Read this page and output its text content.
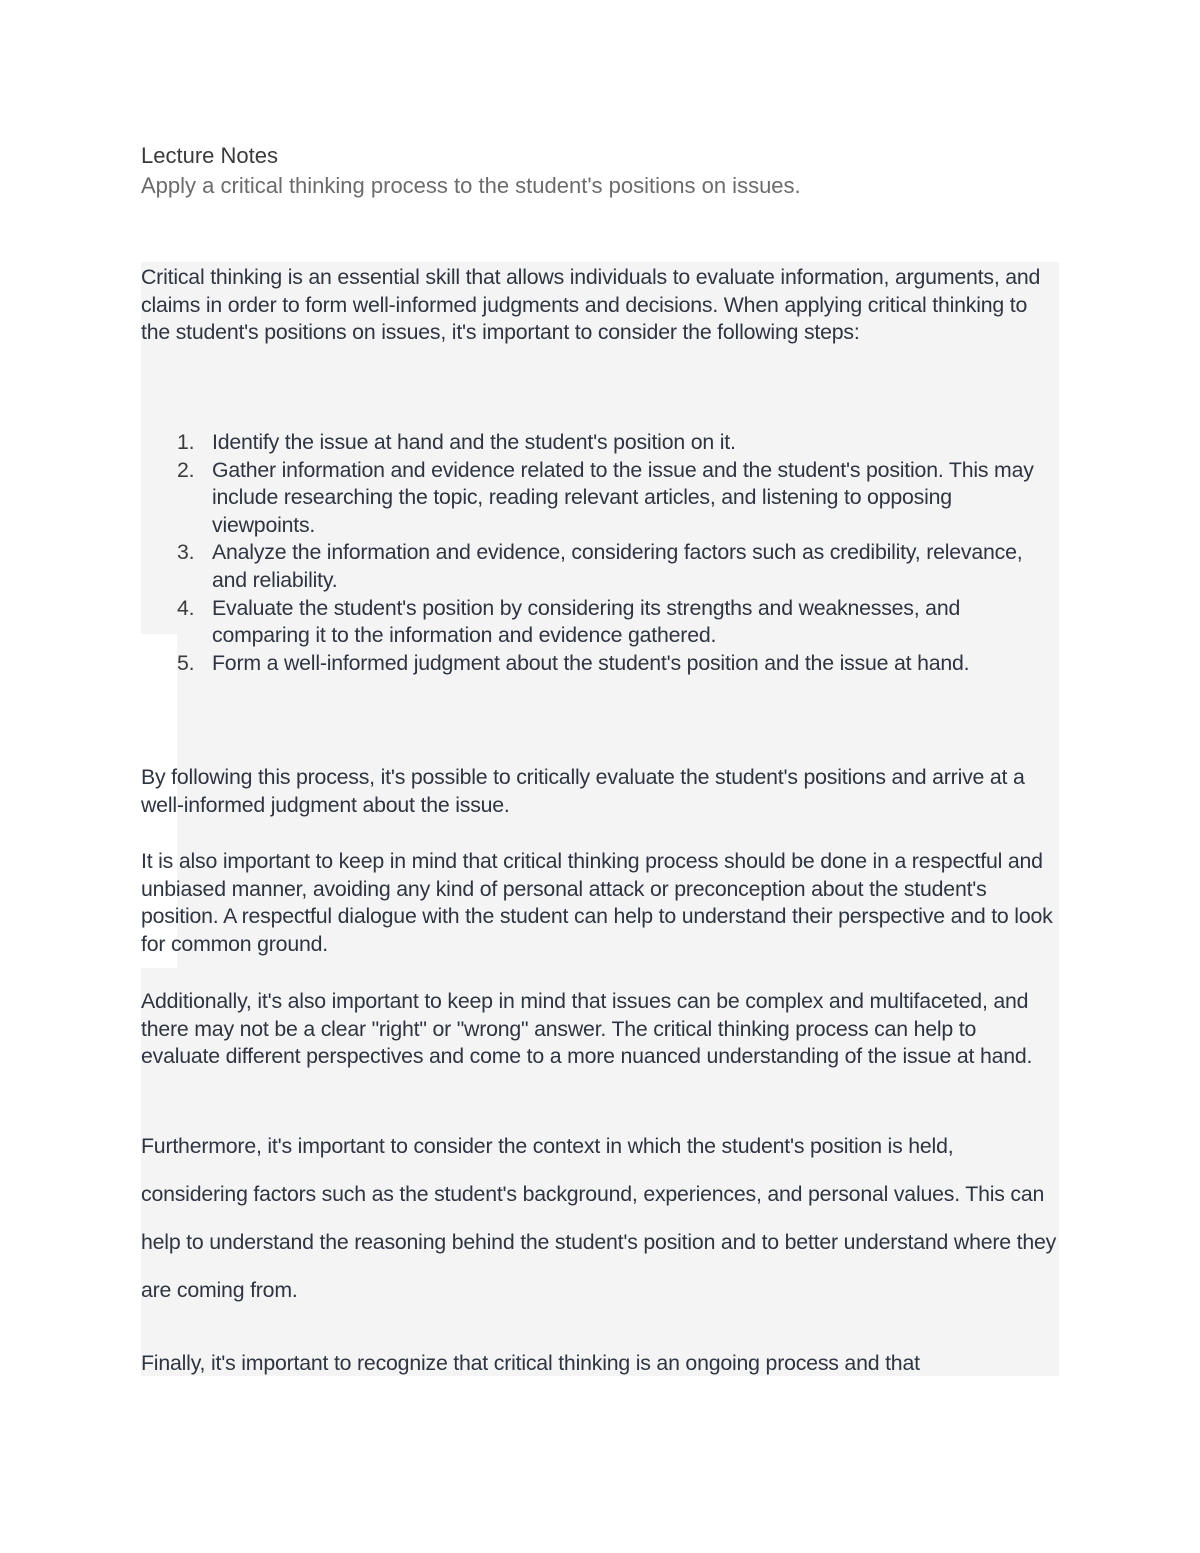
Lecture Notes

Apply a critical thinking process to the student's positions on issues.

Critical thinking is an essential skill that allows individuals to evaluate information, arguments, and claims in order to form well-informed judgments and decisions. When applying critical thinking to the student's positions on issues, it's important to consider the following steps:

1. Identify the issue at hand and the student's position on it.
2. Gather information and evidence related to the issue and the student's position. This may include researching the topic, reading relevant articles, and listening to opposing viewpoints.
3. Analyze the information and evidence, considering factors such as credibility, relevance, and reliability.
4. Evaluate the student's position by considering its strengths and weaknesses, and comparing it to the information and evidence gathered.
5. Form a well-informed judgment about the student's position and the issue at hand.

By following this process, it's possible to critically evaluate the student's positions and arrive at a well-informed judgment about the issue.

It is also important to keep in mind that critical thinking process should be done in a respectful and unbiased manner, avoiding any kind of personal attack or preconception about the student's position. A respectful dialogue with the student can help to understand their perspective and to look for common ground.

Additionally, it's also important to keep in mind that issues can be complex and multifaceted, and there may not be a clear "right" or "wrong" answer. The critical thinking process can help to evaluate different perspectives and come to a more nuanced understanding of the issue at hand.

Furthermore, it's important to consider the context in which the student's position is held, considering factors such as the student's background, experiences, and personal values. This can help to understand the reasoning behind the student's position and to better understand where they are coming from.

Finally, it's important to recognize that critical thinking is an ongoing process and that
